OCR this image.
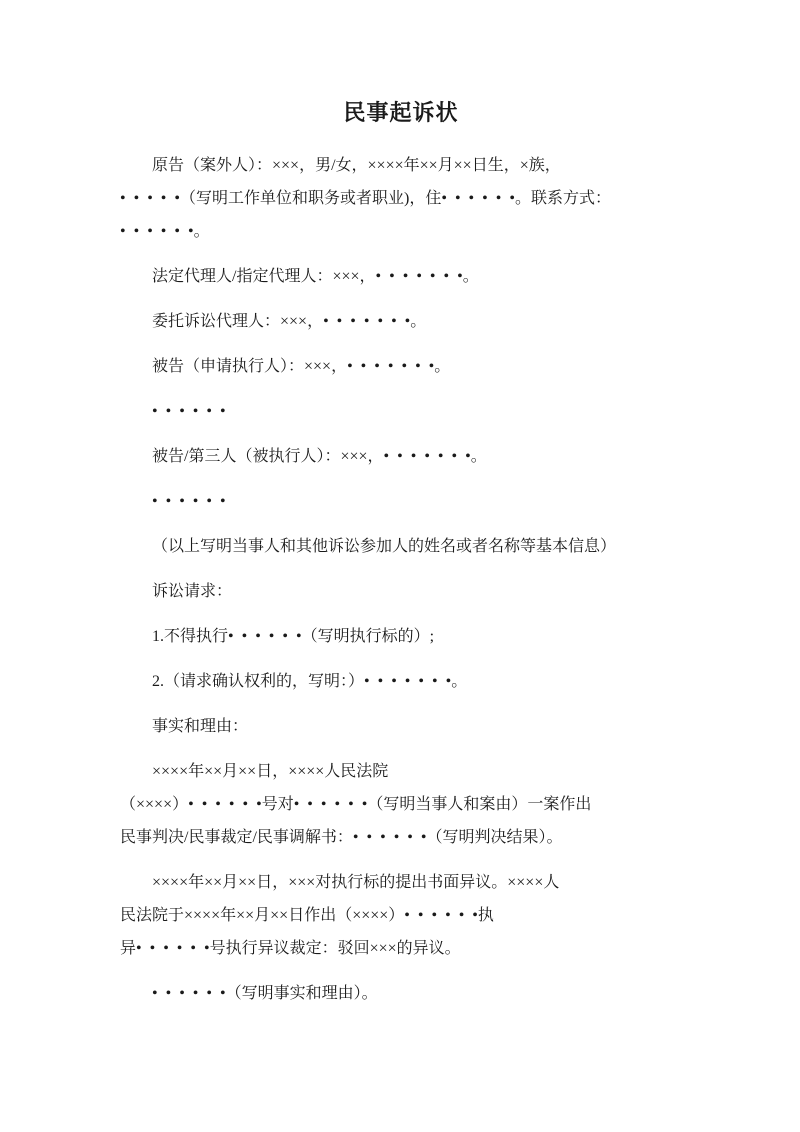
民事起诉状
原告（案外人）：×××，男/女，××××年××月××日生，×族，
• • • • •（写明工作单位和职务或者职业)，住• • • • • •。联系方式：
• • • • • •。
法定代理人/指定代理人：×××，• • • • • • •。
委托诉讼代理人：×××，• • • • • • •。
被告（申请执行人）：×××，• • • • • • •。
• • • • • •
被告/第三人（被执行人）：×××，• • • • • • •。
• • • • • •
（以上写明当事人和其他诉讼参加人的姓名或者名称等基本信息）
诉讼请求：
1.不得执行• • • • • •（写明执行标的）;
2.（请求确认权利的，写明：）• • • • • • •。
事实和理由：
××××年××月××日，××××人民法院
（××××）• • • • • •号对• • • • • •（写明当事人和案由）一案作出
民事判决/民事裁定/民事调解书：• • • • • •（写明判决结果）。
××××年××月××日，×××对执行标的提出书面异议。××××人
民法院于××××年××月××日作出（××××）• • • • • •执
异• • • • • •号执行异议裁定：驳回×××的异议。
• • • • • •（写明事实和理由）。
